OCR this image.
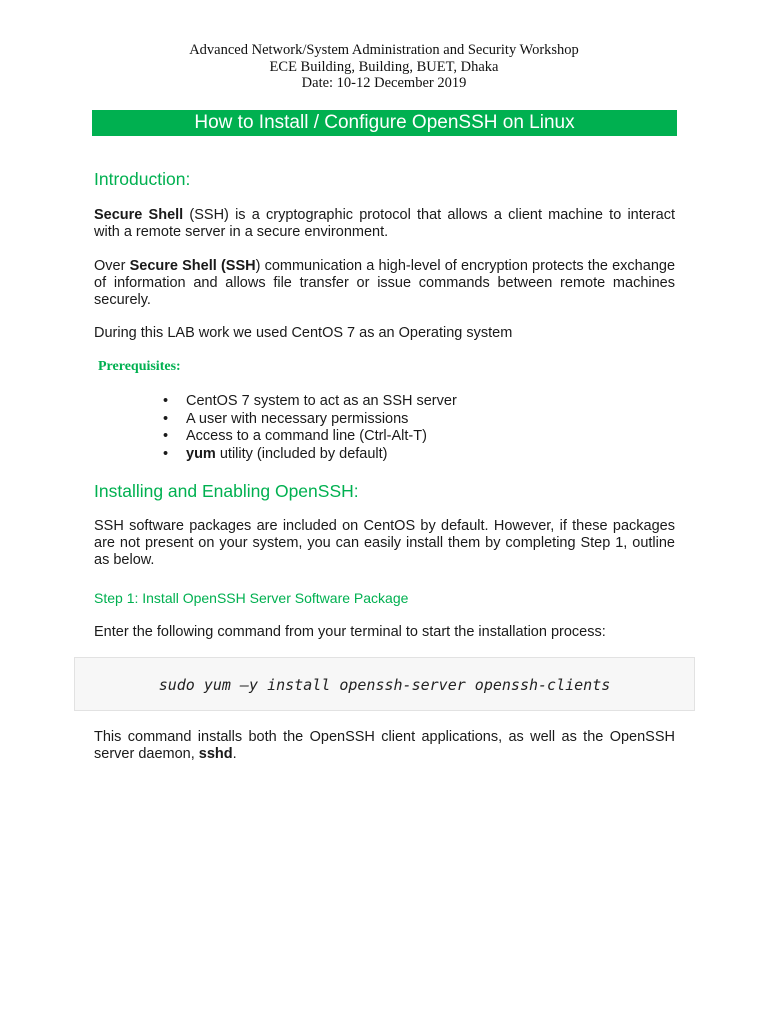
Advanced Network/System Administration and Security Workshop
ECE Building, Building, BUET, Dhaka
Date: 10-12 December 2019
How to Install / Configure OpenSSH on Linux
Introduction:

Secure Shell (SSH) is a cryptographic protocol that allows a client machine to interact with a remote server in a secure environment.

Over Secure Shell (SSH) communication a high-level of encryption protects the exchange of information and allows file transfer or issue commands between remote machines securely.

During this LAB work we used CentOS 7 as an Operating system

Prerequisites:
• CentOS 7 system to act as an SSH server
• A user with necessary permissions
• Access to a command line (Ctrl-Alt-T)
• yum utility (included by default)
Installing and Enabling OpenSSH:

SSH software packages are included on CentOS by default. However, if these packages are not present on your system, you can easily install them by completing Step 1, outline as below.

Step 1: Install OpenSSH Server Software Package

Enter the following command from your terminal to start the installation process:

sudo yum –y install openssh-server openssh-clients

This command installs both the OpenSSH client applications, as well as the OpenSSH server daemon, sshd.
